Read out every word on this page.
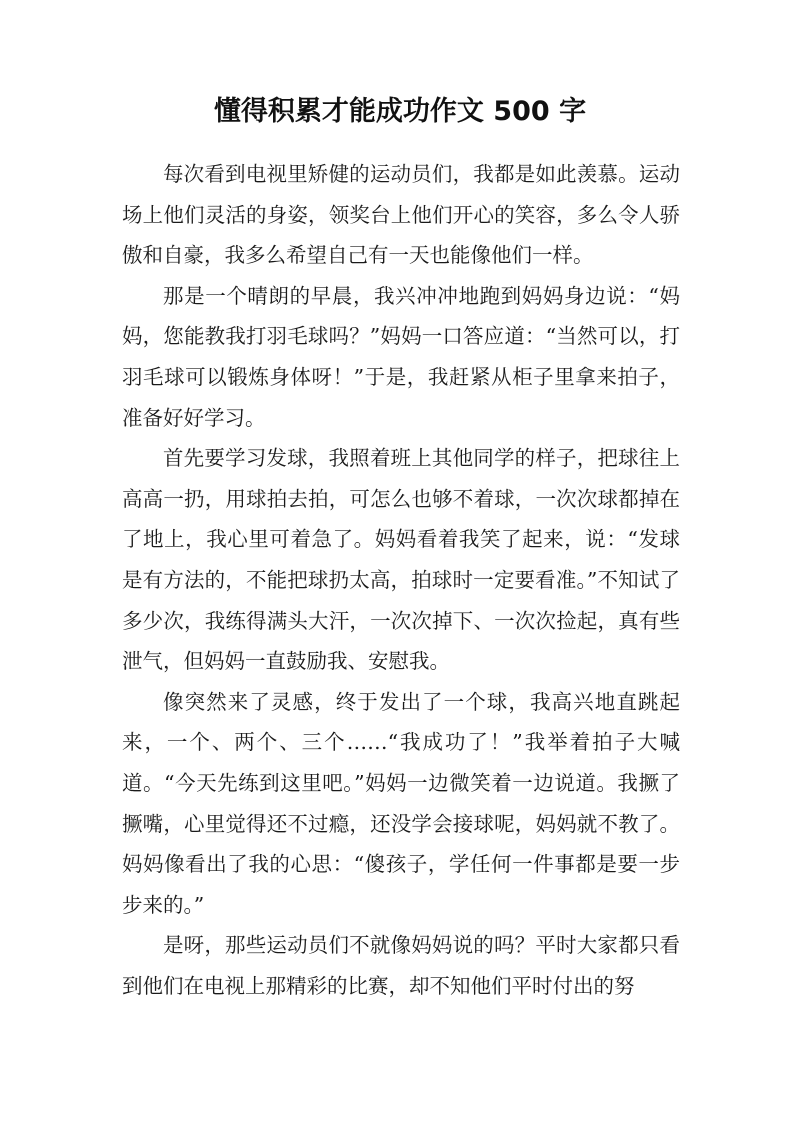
懂得积累才能成功作文 500 字

每次看到电视里矫健的运动员们，我都是如此羡慕。运动场上他们灵活的身姿，领奖台上他们开心的笑容，多么令人骄傲和自豪，我多么希望自己有一天也能像他们一样。

那是一个晴朗的早晨，我兴冲冲地跑到妈妈身边说：“妈妈，您能教我打羽毛球吗？”妈妈一口答应道：“当然可以，打羽毛球可以锻炼身体呀！”于是，我赶紧从柜子里拿来拍子，准备好好学习。

首先要学习发球，我照着班上其他同学的样子，把球往上高高一扔，用球拍去拍，可怎么也够不着球，一次次球都掉在了地上，我心里可着急了。妈妈看着我笑了起来，说：“发球是有方法的，不能把球扔太高，拍球时一定要看准。”不知试了多少次，我练得满头大汗，一次次掉下、一次次捡起，真有些泄气，但妈妈一直鼓励我、安慰我。

像突然来了灵感，终于发出了一个球，我高兴地直跳起来，一个、两个、三个……“我成功了！”我举着拍子大喊道。“今天先练到这里吧。”妈妈一边微笑着一边说道。我撅了撅嘴，心里觉得还不过瘾，还没学会接球呢，妈妈就不教了。妈妈像看出了我的心思：“傻孩子，学任何一件事都是要一步步来的。”

是呀，那些运动员们不就像妈妈说的吗？平时大家都只看到他们在电视上那精彩的比赛，却不知他们平时付出的努
